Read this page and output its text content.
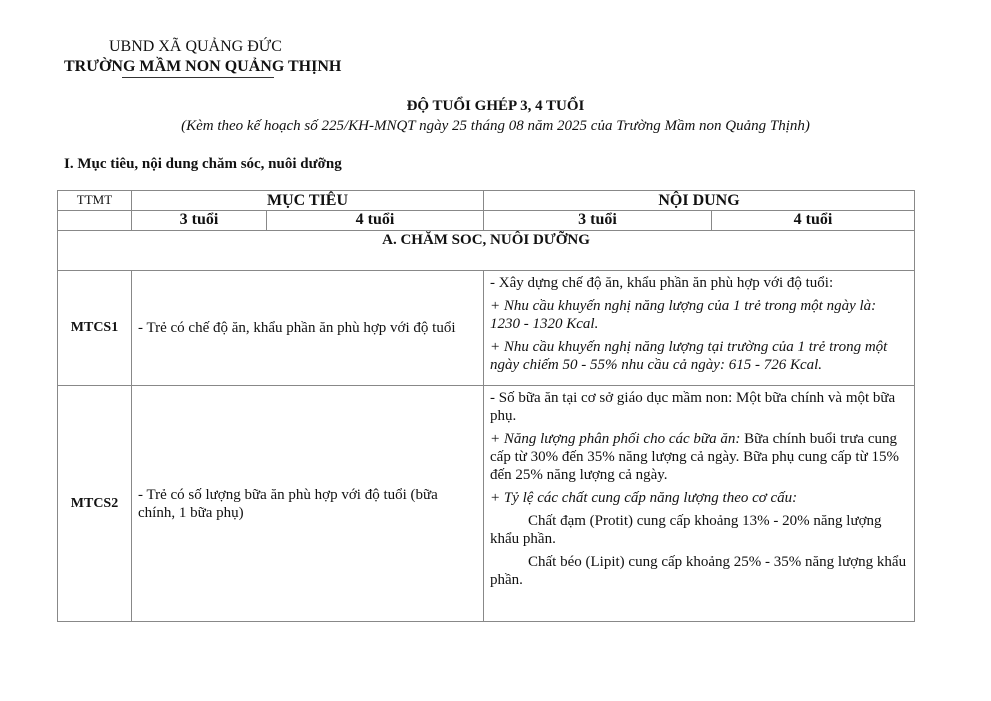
UBND XÃ QUẢNG ĐỨC
TRƯỜNG MẦM NON QUẢNG THỊNH
ĐỘ TUỔI GHÉP 3, 4 TUỔI
(Kèm theo kế hoạch số 225/KH-MNQT ngày 25 tháng 08 năm 2025 của Trường Mầm non Quảng Thịnh)
I. Mục tiêu, nội dung chăm sóc, nuôi dưỡng
TTMT	MỤC TIÊU		NỘI DUNG	
	3 tuổi	4 tuổi	3 tuổi	4 tuổi
A. CHĂM SOC, NUÔI DƯỠNG				
MTCS1	- Trẻ có chế độ ăn, khẩu phần ăn phù hợp với độ tuổi		- Xây dựng chế độ ăn, khẩu phần ăn phù hợp với độ tuổi:

+ Nhu cầu khuyến nghị năng lượng của 1 trẻ trong một ngày là: 1230 - 1320 Kcal.

+ Nhu cầu khuyến nghị năng lượng tại trường của 1 trẻ trong một ngày chiếm 50 - 55% nhu cầu cả ngày: 615 - 726 Kcal.	

MTCS2	- Trẻ có số lượng bữa ăn phù hợp với độ tuổi (bữa chính, 1 bữa phụ)		- Số bữa ăn tại cơ sở giáo dục mầm non: Một bữa chính và một bữa phụ.

+ Năng lượng phân phối cho các bữa ăn: Bữa chính buổi trưa cung cấp từ 30% đến 35% năng lượng cả ngày. Bữa phụ cung cấp từ 15% đến 25% năng lượng cả ngày.

+ Tỷ lệ các chất cung cấp năng lượng theo cơ cấu:

Chất đạm (Protit) cung cấp khoảng 13% - 20% năng lượng khẩu phần.

Chất béo (Lipit) cung cấp khoảng 25% - 35% năng lượng khẩu phần.	
